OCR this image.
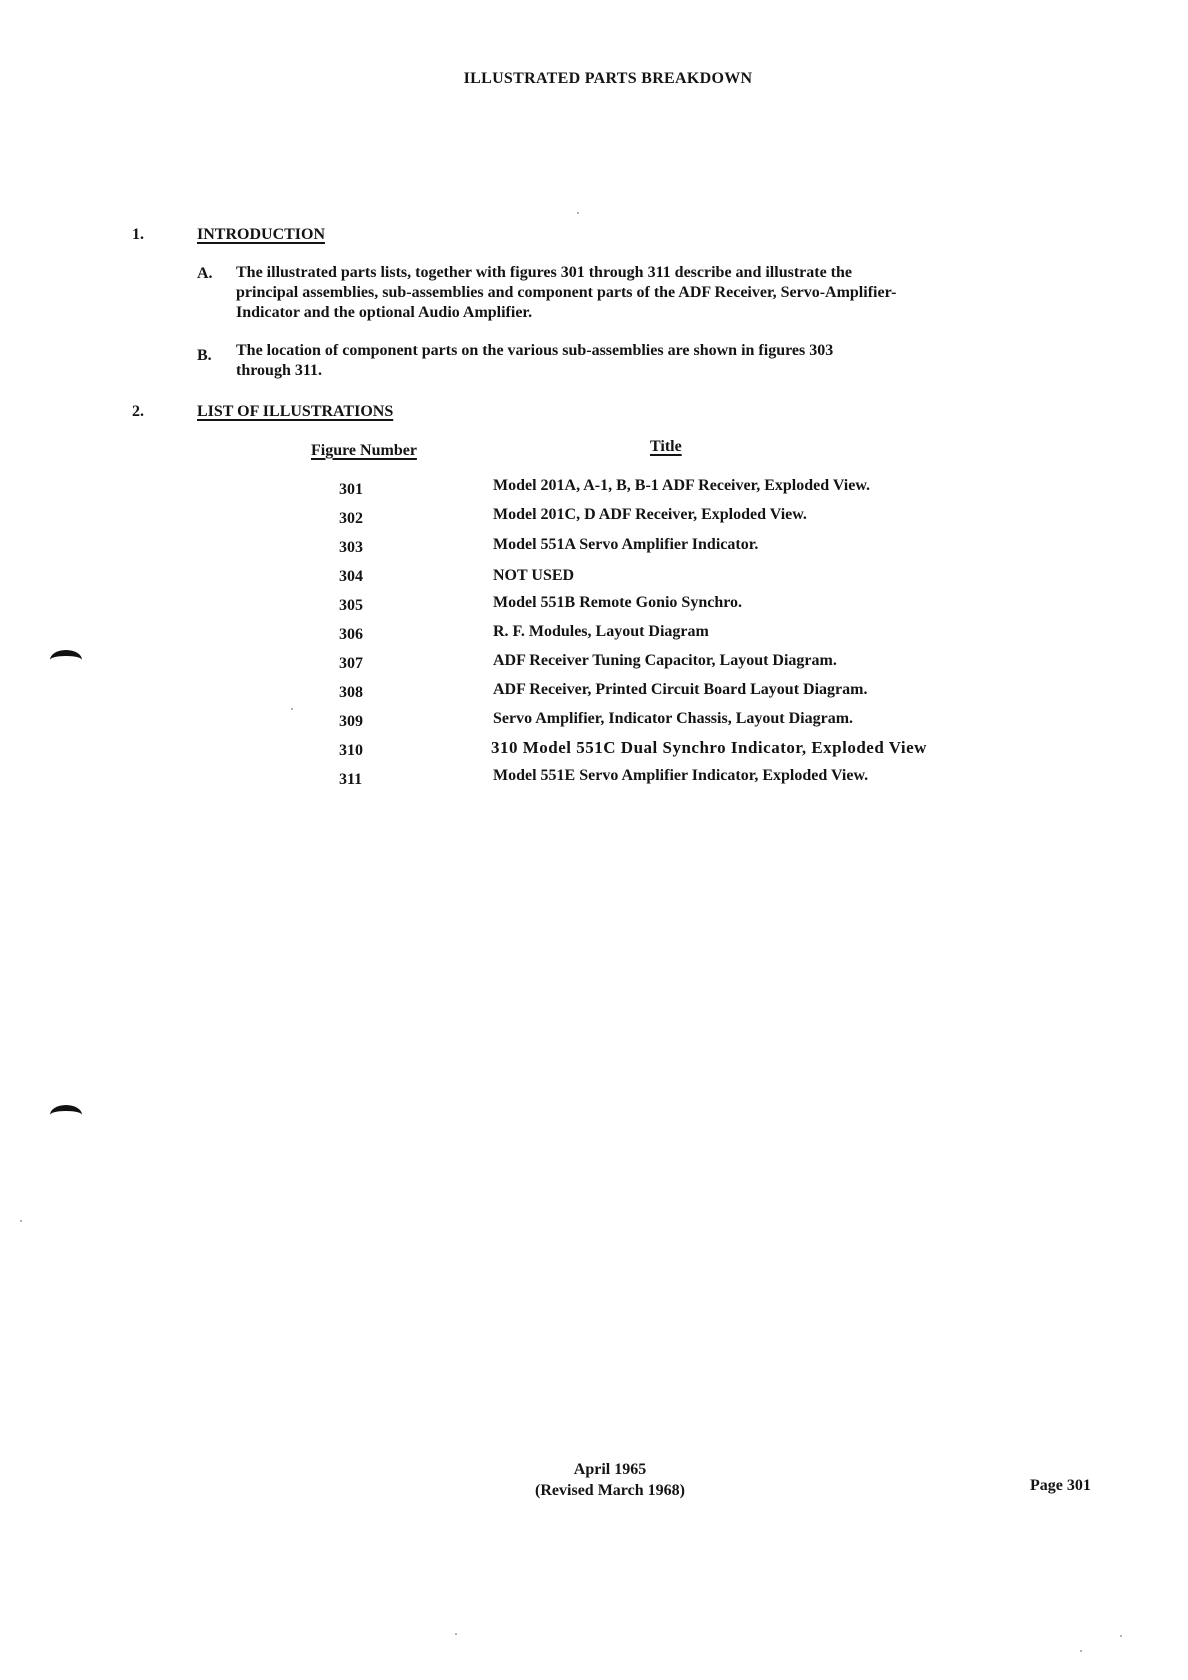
ILLUSTRATED PARTS BREAKDOWN
1.	INTRODUCTION
A. The illustrated parts lists, together with figures 301 through 311 describe and illustrate the

principal assemblies, sub-assemblies and component parts of the ADF Receiver, Servo-Amplifier-

Indicator and the optional Audio Amplifier.

B. The location of component parts on the various sub-assemblies are shown in figures 303

through 311.

2.	LIST OF ILLUSTRATIONS
Figure Number	Title
301	Model 201A, A-1, B, B-1 ADF Receiver, Exploded View.
302	Model 201C, D ADF Receiver, Exploded View.
303	Model 551A Servo Amplifier Indicator.
304	NOT USED
305	Model 551B Remote Gonio Synchro.
306	R. F. Modules, Layout Diagram
307	ADF Receiver Tuning Capacitor, Layout Diagram.
308	ADF Receiver, Printed Circuit Board Layout Diagram.
309	Servo Amplifier, Indicator Chassis, Layout Diagram.
310	310 Model 551C Dual Synchro Indicator, Exploded View
311	Model 551E Servo Amplifier Indicator, Exploded View.
April 1965
(Revised March 1968)	Page 301
